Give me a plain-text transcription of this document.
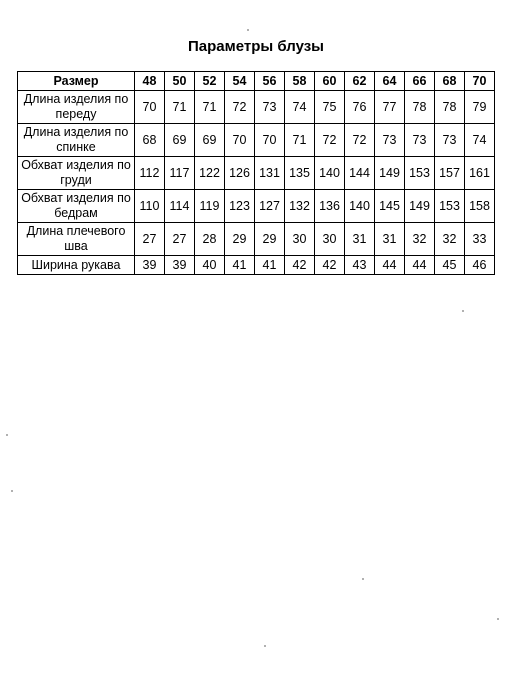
Параметры блузы
Размер	48	50	52	54	56	58	60	62	64	66	68	70
Длина изделия по переду	70	71	71	72	73	74	75	76	77	78	78	79
Длина изделия по спинке	68	69	69	70	70	71	72	72	73	73	73	74
Обхват изделия по груди	112	117	122	126	131	135	140	144	149	153	157	161
Обхват изделия по бедрам	110	114	119	123	127	132	136	140	145	149	153	158
Длина плечевого шва	27	27	28	29	29	30	30	31	31	32	32	33
Ширина рукава	39	39	40	41	41	42	42	43	44	44	45	46
